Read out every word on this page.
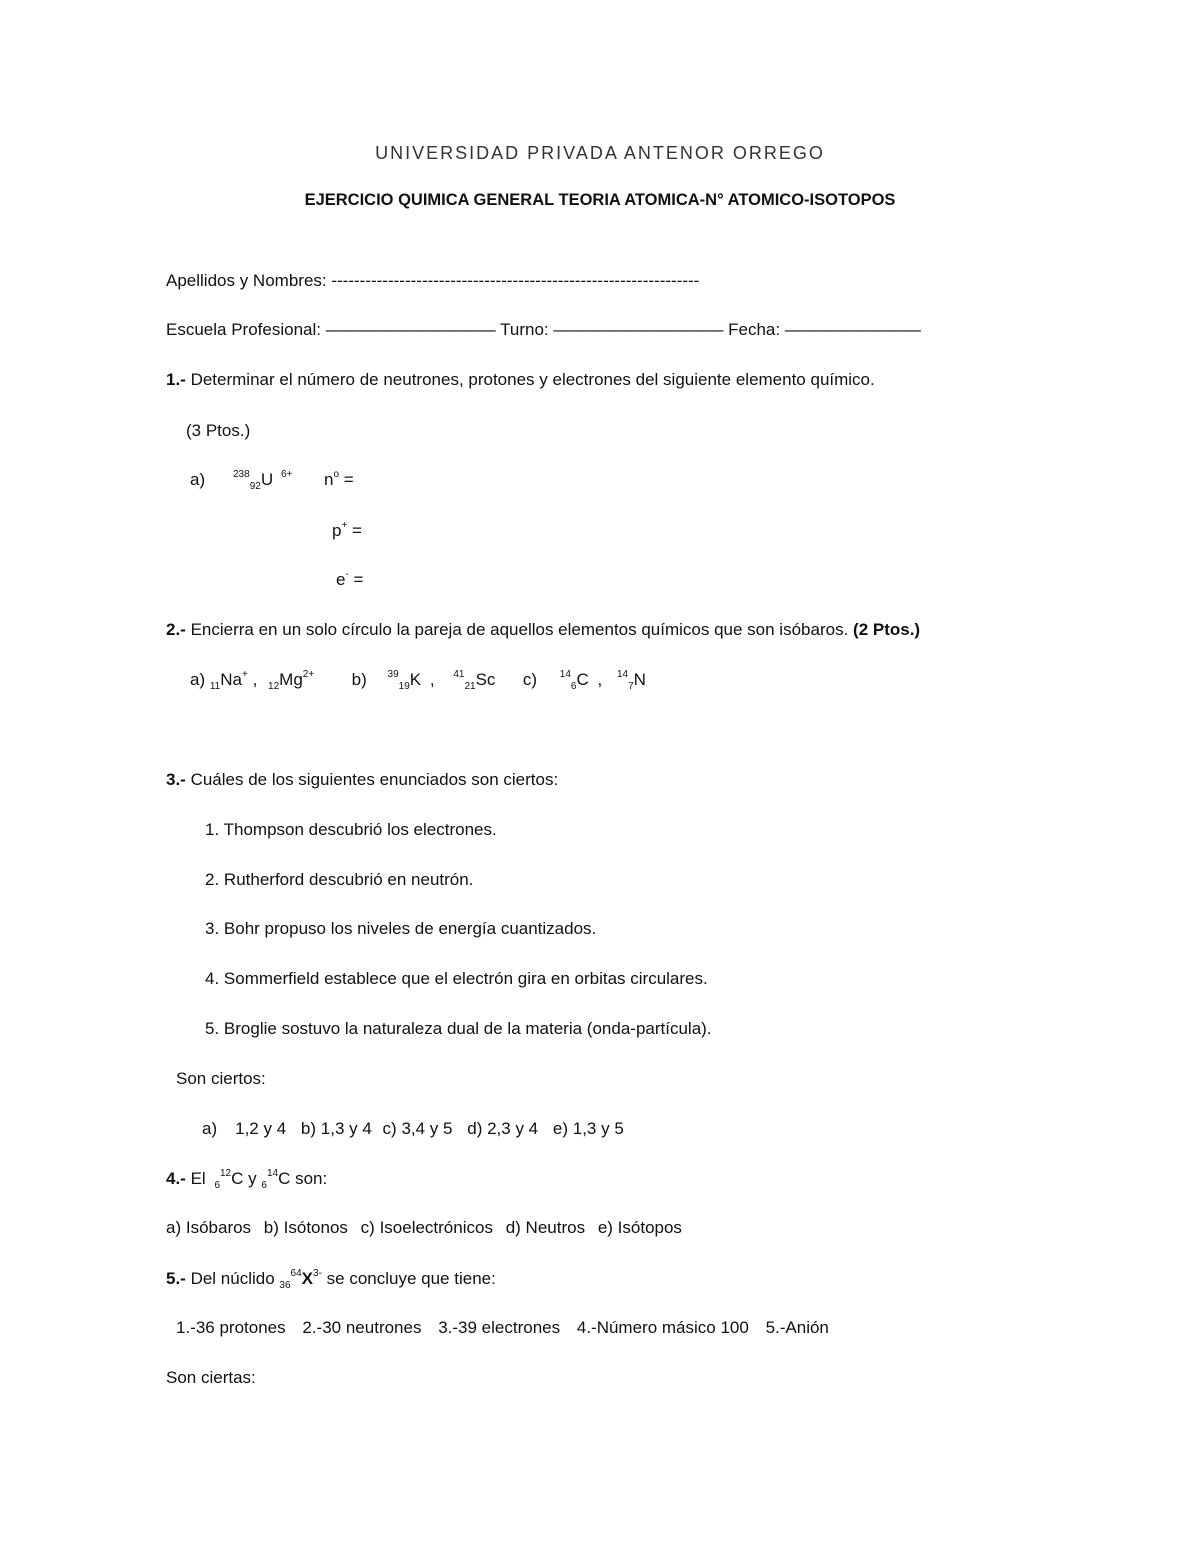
UNIVERSIDAD PRIVADA ANTENOR ORREGO
EJERCICIO QUIMICA GENERAL TEORIA ATOMICA-N° ATOMICO-ISOTOPOS
Apellidos y Nombres: -----------------------------------------------------------------
Escuela Profesional: —————————— Turno: —————————— Fecha: ————————
1.- Determinar el número de neutrones, protones y electrones del siguiente elemento químico.
(3 Ptos.)
a)	$^{238}_{92}$U $^{6+}$ $n^o$ =
p+ =
e- =
2.- Encierra en un solo círculo la pareja de aquellos elementos químicos que son isóbaros. (2 Ptos.)
a) $_{11}$Na+ , $_{12}Mg^{2+}$ b) $^{39}_{19}$K , $^{41}_{21}$Sc c) $^{14}_6$C , $^{14}_7$N
3.- Cuáles de los siguientes enunciados son ciertos:
1. Thompson descubrió los electrones.
2. Rutherford descubrió en neutrón.
3. Bohr propuso los niveles de energía cuantizados.
4. Sommerfield establece que el electrón gira en orbitas circulares.
5. Broglie sostuvo la naturaleza dual de la materia (onda-partícula).
Son ciertos:
a) 1,2 y 4 b) 1,3 y 4 c) 3,4 y 5 d) 2,3 y 4 e) 1,3 y 5
4.- El $_6^{12}$C y $_6^{14}$C son:
a) Isóbaros b) Isótonos c) Isoelectrónicos d) Neutros e) Isótopos
5.- Del núclido $_{36}^{64}X^{3-}$ se concluye que tiene:
1.-36 protones 2.-30 neutrones 3.-39 electrones 4.-Número másico 100 5.-Anión
Son ciertas:
